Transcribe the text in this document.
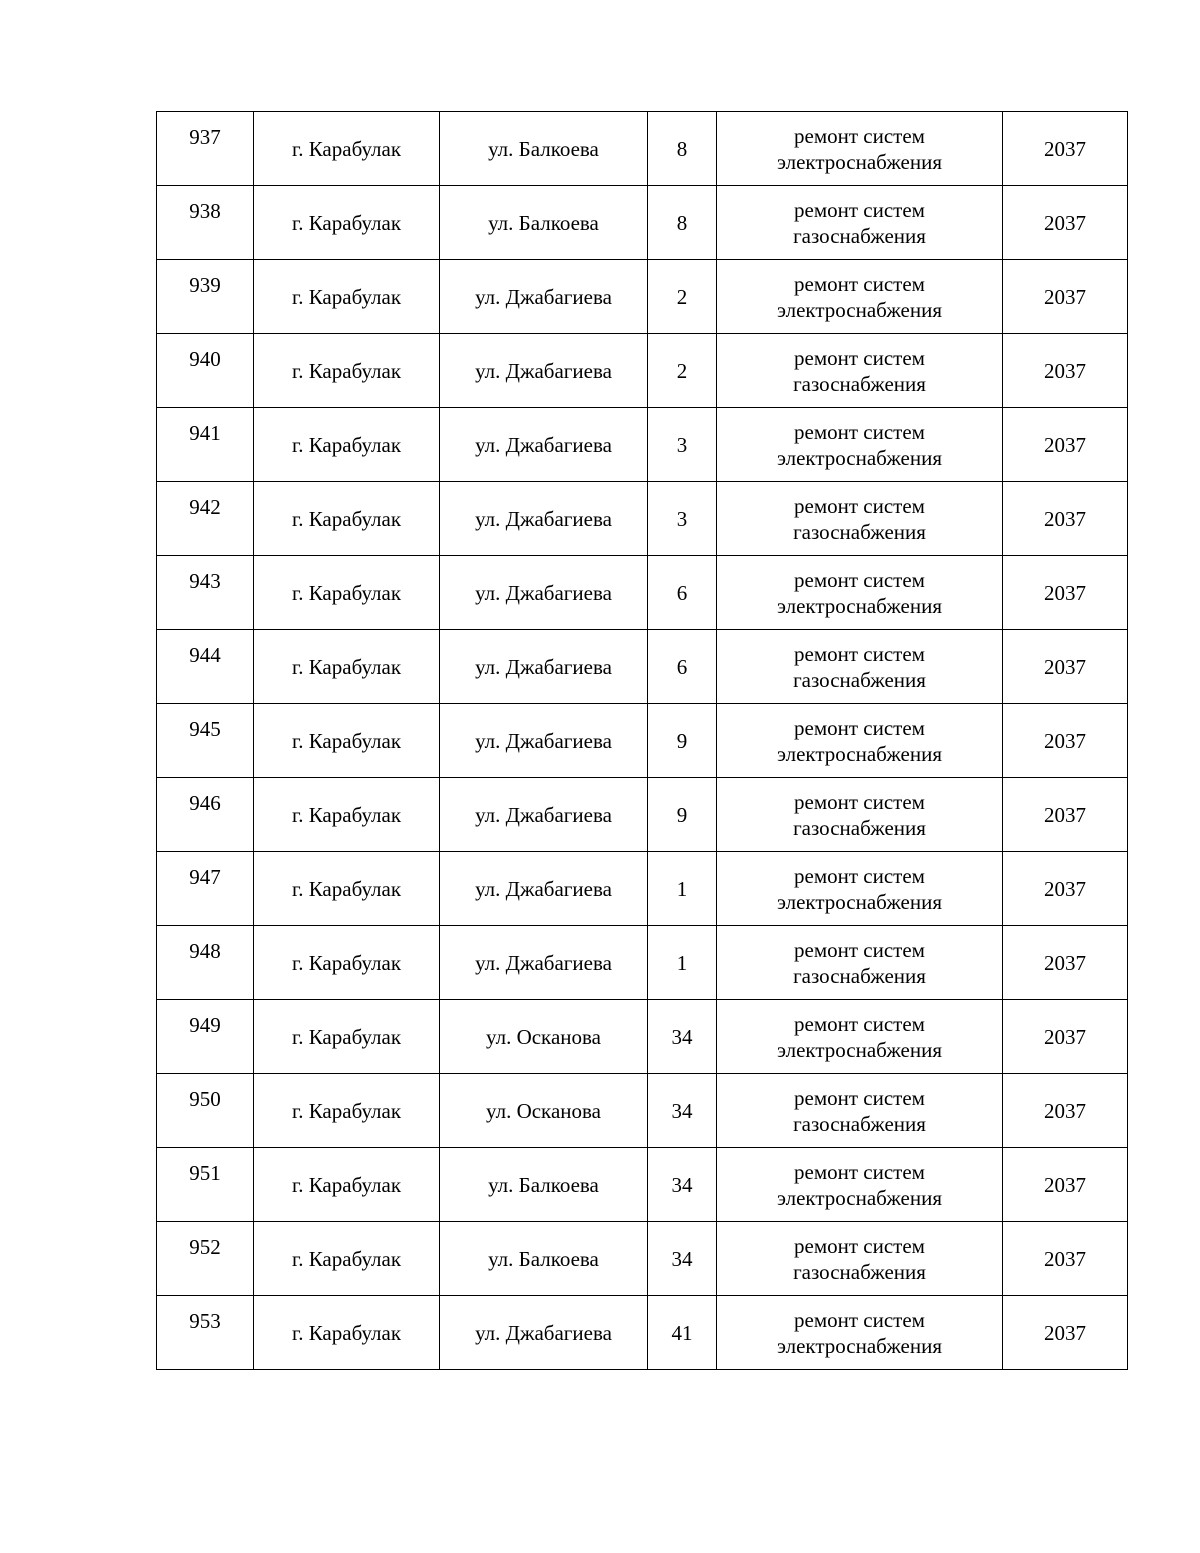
937	г. Карабулак	ул. Балкоева	8	ремонт систем
электроснабжения	2037
938	г. Карабулак	ул. Балкоева	8	ремонт систем
газоснабжения	2037
939	г. Карабулак	ул. Джабагиева	2	ремонт систем
электроснабжения	2037
940	г. Карабулак	ул. Джабагиева	2	ремонт систем
газоснабжения	2037
941	г. Карабулак	ул. Джабагиева	3	ремонт систем
электроснабжения	2037
942	г. Карабулак	ул. Джабагиева	3	ремонт систем
газоснабжения	2037
943	г. Карабулак	ул. Джабагиева	6	ремонт систем
электроснабжения	2037
944	г. Карабулак	ул. Джабагиева	6	ремонт систем
газоснабжения	2037
945	г. Карабулак	ул. Джабагиева	9	ремонт систем
электроснабжения	2037
946	г. Карабулак	ул. Джабагиева	9	ремонт систем
газоснабжения	2037
947	г. Карабулак	ул. Джабагиева	1	ремонт систем
электроснабжения	2037
948	г. Карабулак	ул. Джабагиева	1	ремонт систем
газоснабжения	2037
949	г. Карабулак	ул. Осканова	34	ремонт систем
электроснабжения	2037
950	г. Карабулак	ул. Осканова	34	ремонт систем
газоснабжения	2037
951	г. Карабулак	ул. Балкоева	34	ремонт систем
электроснабжения	2037
952	г. Карабулак	ул. Балкоева	34	ремонт систем
газоснабжения	2037
953	г. Карабулак	ул. Джабагиева	41	ремонт систем
электроснабжения	2037
